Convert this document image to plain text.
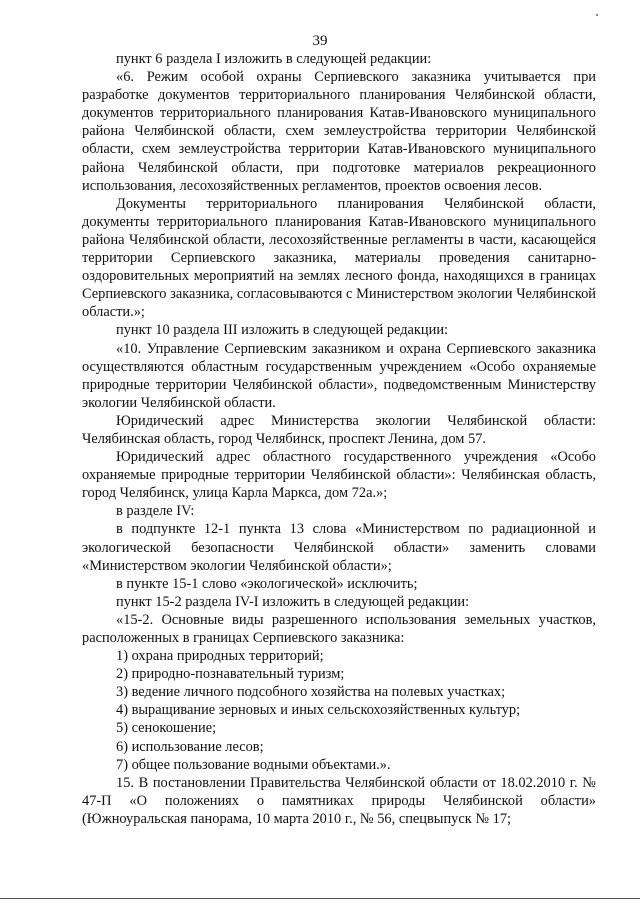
39

пункт 6 раздела I изложить в следующей редакции:

«6. Режим особой охраны Серпиевского заказника учитывается при разработке документов территориального планирования Челябинской области, документов территориального планирования Катав-Ивановского муниципального района Челябинской области, схем землеустройства территории Челябинской области, схем землеустройства территории Катав-Ивановского муниципального района Челябинской области, при подготовке материалов рекреационного использования, лесохозяйственных регламентов, проектов освоения лесов.

Документы территориального планирования Челябинской области, документы территориального планирования Катав-Ивановского муниципального района Челябинской области, лесохозяйственные регламенты в части, касающейся территории Серпиевского заказника, материалы проведения санитарно-оздоровительных мероприятий на землях лесного фонда, находящихся в границах Серпиевского заказника, согласовываются с Министерством экологии Челябинской области.»;

пункт 10 раздела III изложить в следующей редакции:

«10. Управление Серпиевским заказником и охрана Серпиевского заказника осуществляются областным государственным учреждением «Особо охраняемые природные территории Челябинской области», подведомственным Министерству экологии Челябинской области.

Юридический адрес Министерства экологии Челябинской области: Челябинская область, город Челябинск, проспект Ленина, дом 57.

Юридический адрес областного государственного учреждения «Особо охраняемые природные территории Челябинской области»: Челябинская область, город Челябинск, улица Карла Маркса, дом 72а.»;

в разделе IV:

в подпункте 12-1 пункта 13 слова «Министерством по радиационной и экологической безопасности Челябинской области» заменить словами «Министерством экологии Челябинской области»;

в пункте 15-1 слово «экологической» исключить;

пункт 15-2 раздела IV-I изложить в следующей редакции:

«15-2. Основные виды разрешенного использования земельных участков, расположенных в границах Серпиевского заказника:

1) охрана природных территорий;

2) природно-познавательный туризм;

3) ведение личного подсобного хозяйства на полевых участках;

4) выращивание зерновых и иных сельскохозяйственных культур;

5) сенокошение;

6) использование лесов;

7) общее пользование водными объектами.».

15. В постановлении Правительства Челябинской области от 18.02.2010 г. № 47-П «О положениях о памятниках природы Челябинской области» (Южноуральская панорама, 10 марта 2010 г., № 56, спецвыпуск № 17;
